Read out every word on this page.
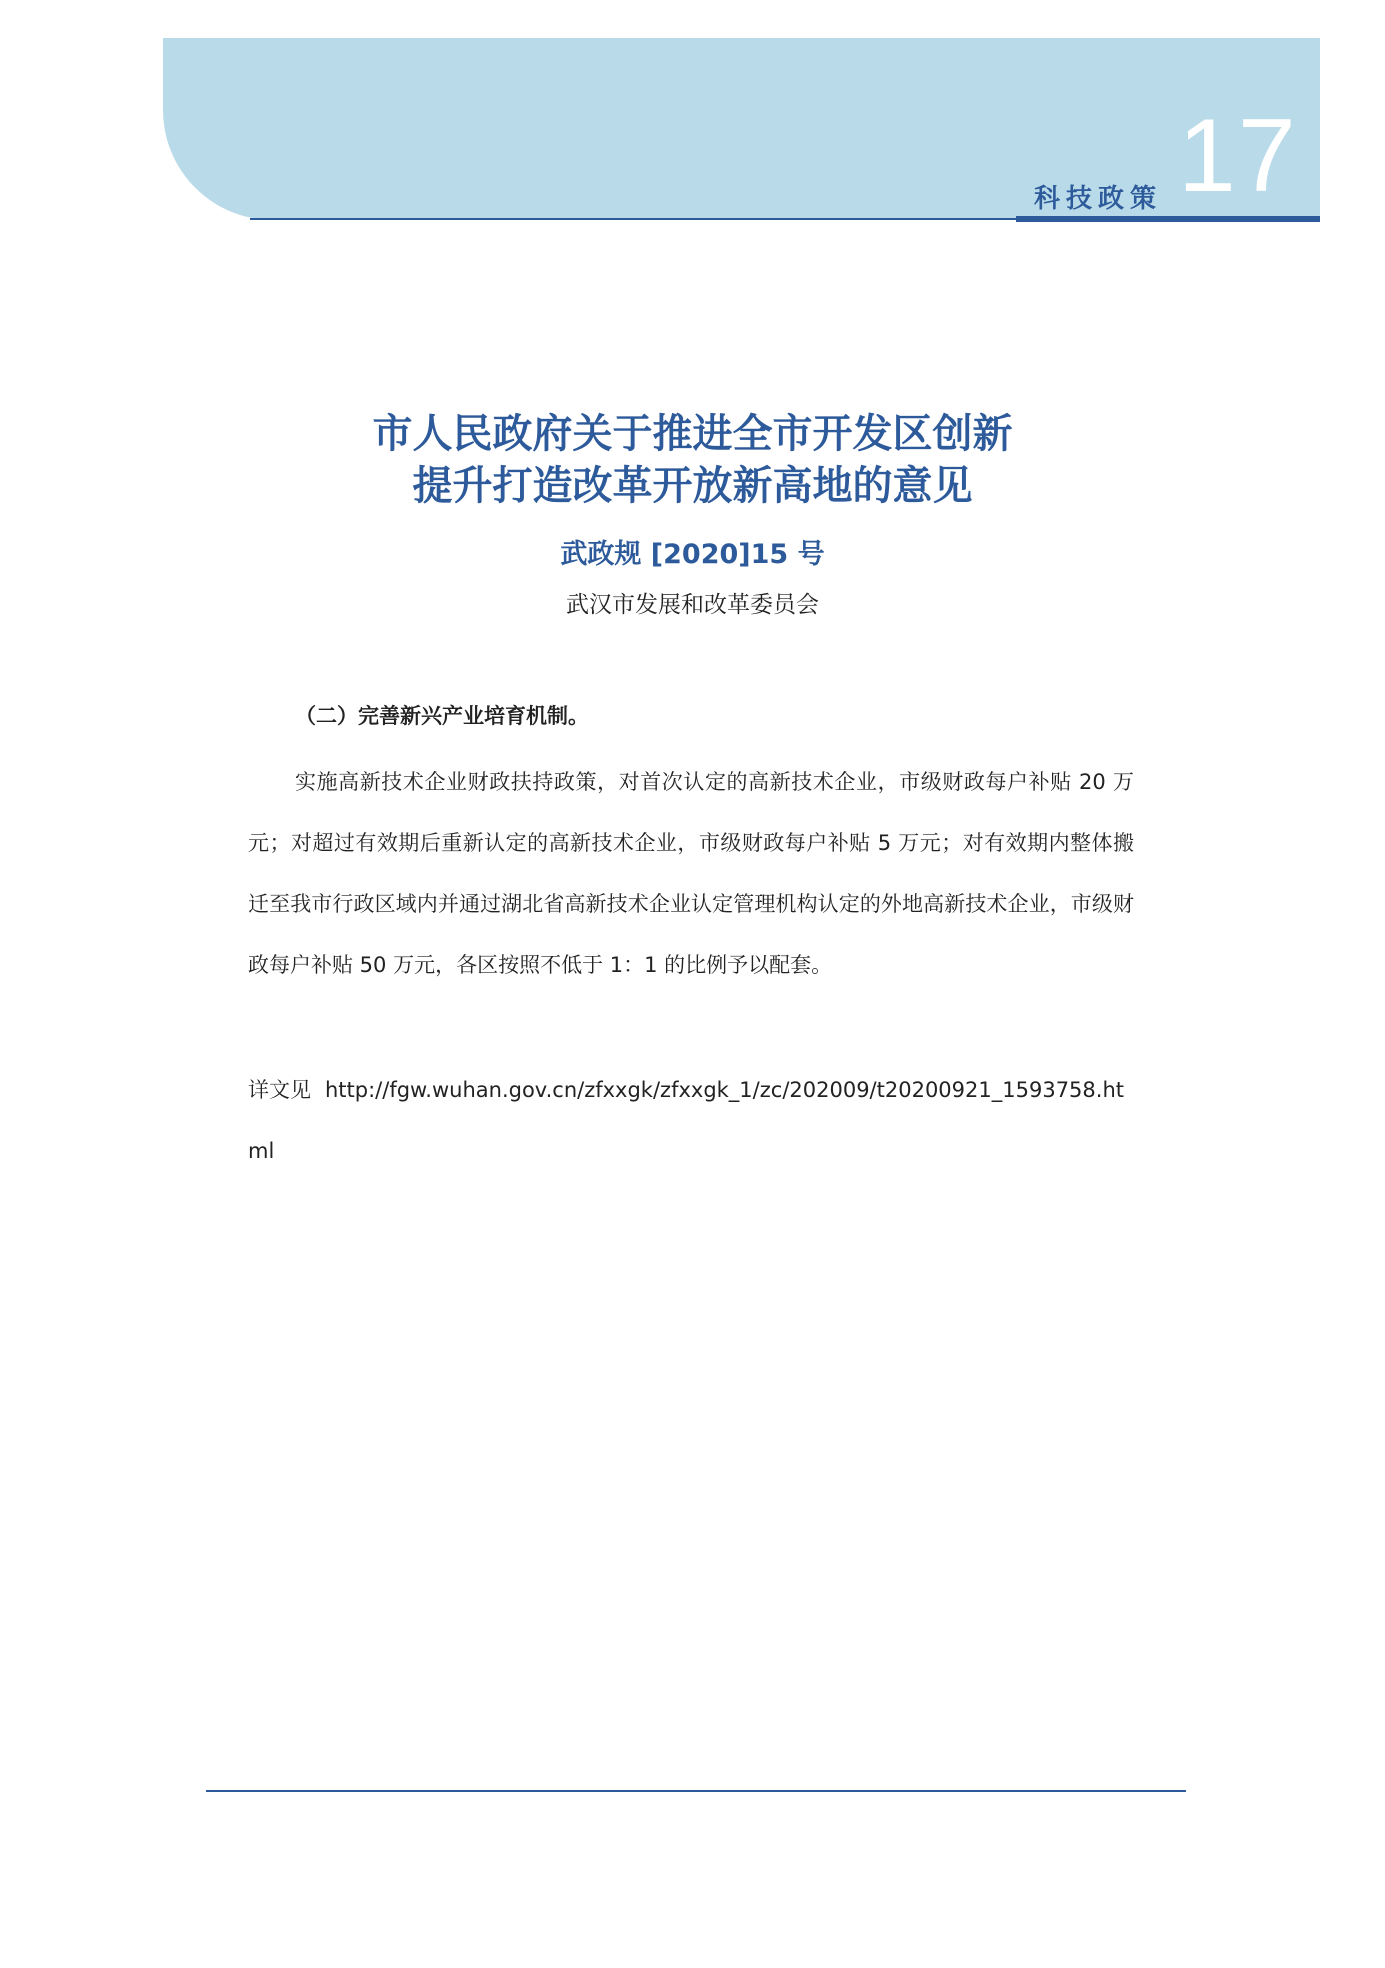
科技政策 17
市人民政府关于推进全市开发区创新
提升打造改革开放新高地的意见
武政规 [2020]15 号
武汉市发展和改革委员会
（二）完善新兴产业培育机制。
实施高新技术企业财政扶持政策，对首次认定的高新技术企业，市级财政每户补贴 20 万元；对超过有效期后重新认定的高新技术企业，市级财政每户补贴 5 万元；对有效期内整体搬迁至我市行政区域内并通过湖北省高新技术企业认定管理机构认定的外地高新技术企业，市级财政每户补贴 50 万元，各区按照不低于 1：1 的比例予以配套。
详文见 http://fgw.wuhan.gov.cn/zfxxgk/zfxxgk_1/zc/202009/t20200921_1593758.html
